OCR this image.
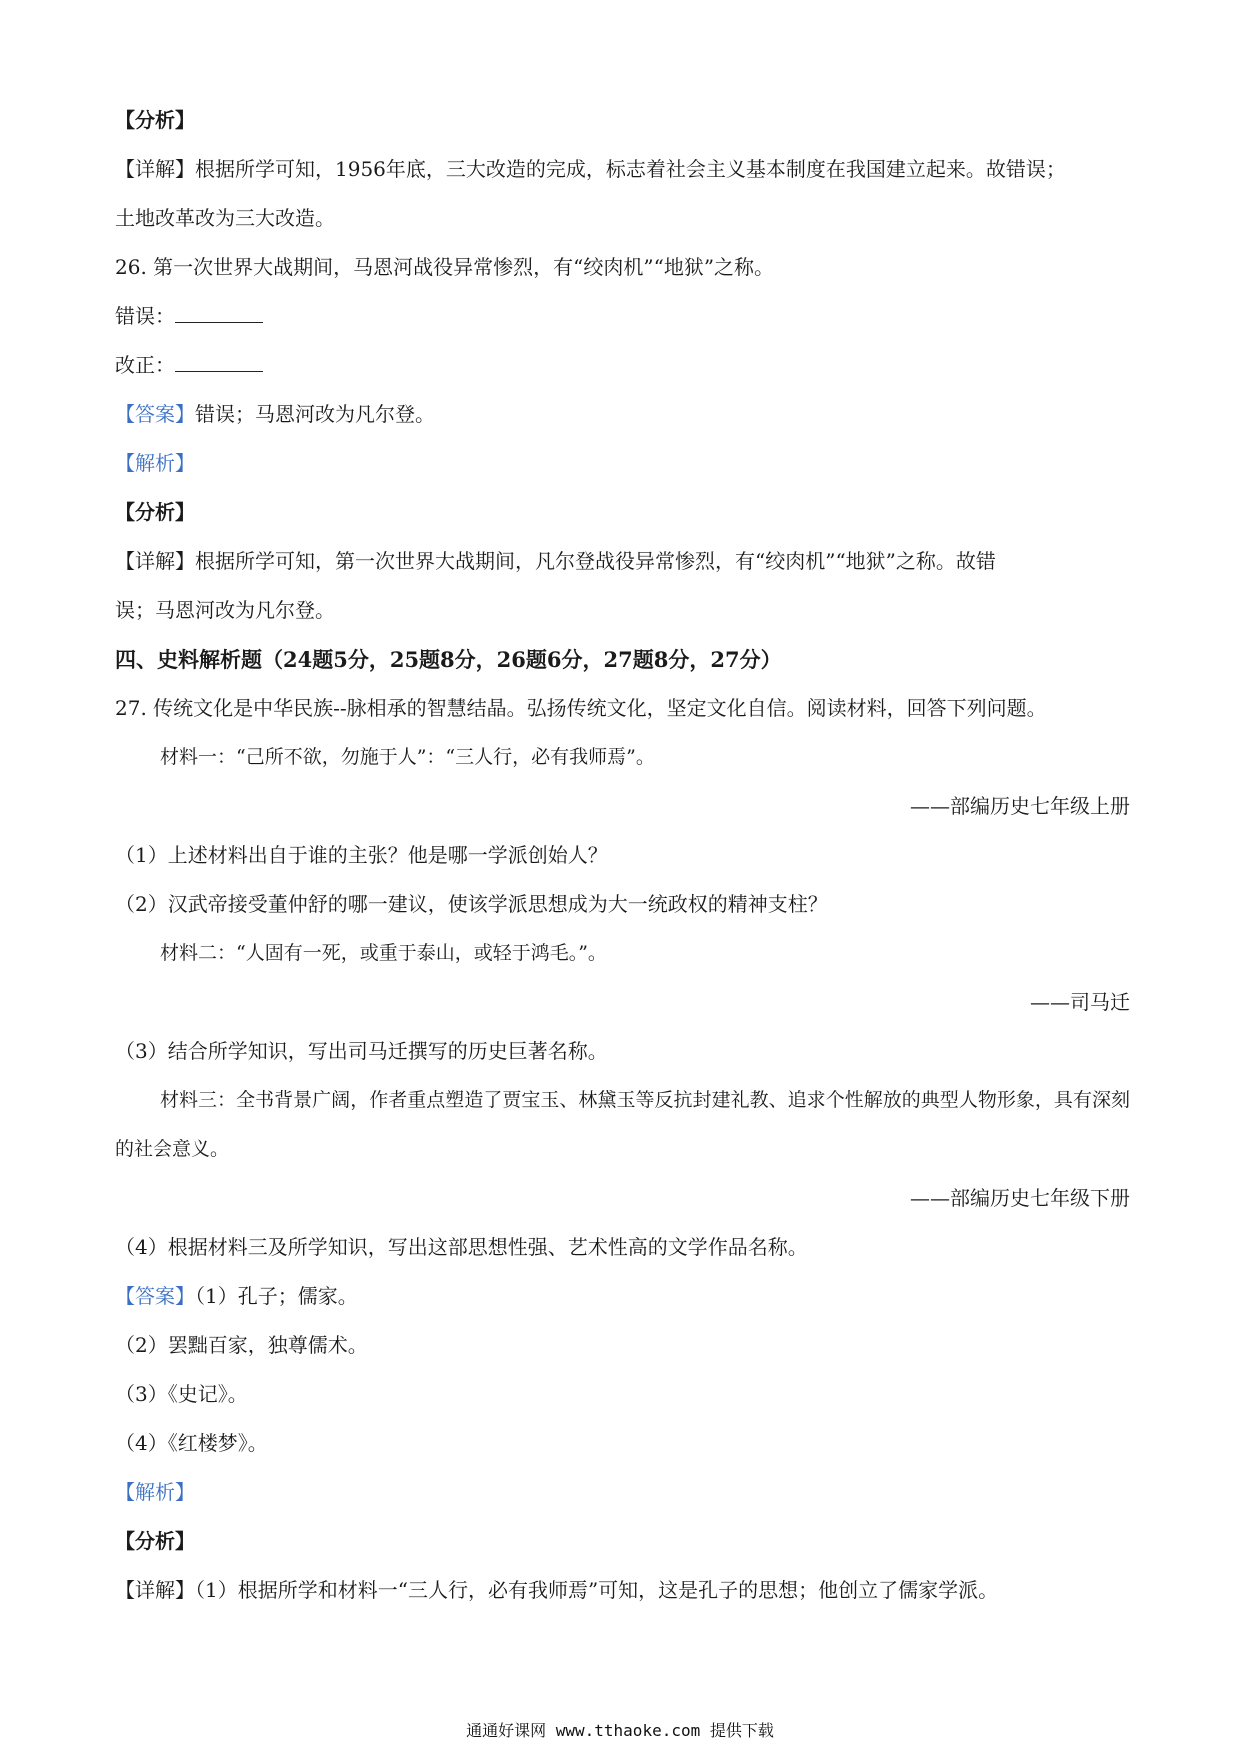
【分析】
【详解】根据所学可知，1956年底，三大改造的完成，标志着社会主义基本制度在我国建立起来。故错误；
土地改革改为三大改造。
26. 第一次世界大战期间，马恩河战役异常惨烈，有“绞肉机”“地狱”之称。
错误：
改正：
【答案】错误；马恩河改为凡尔登。
【解析】
【分析】
【详解】根据所学可知，第一次世界大战期间，凡尔登战役异常惨烈，有“绞肉机”“地狱”之称。故错
误；马恩河改为凡尔登。
四、史料解析题（24题5分，25题8分，26题6分，27题8分，27分）
27. 传统文化是中华民族--脉相承的智慧结晶。弘扬传统文化，坚定文化自信。阅读材料，回答下列问题。
材料一：“己所不欲，勿施于人”：“三人行，必有我师焉”。
——部编历史七年级上册
（1）上述材料出自于谁的主张？他是哪一学派创始人？
（2）汉武帝接受董仲舒的哪一建议，使该学派思想成为大一统政权的精神支柱？
材料二：“人固有一死，或重于泰山，或轻于鸿毛。”。
——司马迁
（3）结合所学知识，写出司马迁撰写的历史巨著名称。
材料三：全书背景广阔，作者重点塑造了贾宝玉、林黛玉等反抗封建礼教、追求个性解放的典型人物形象，具有深刻的社会意义。
——部编历史七年级下册
（4）根据材料三及所学知识，写出这部思想性强、艺术性高的文学作品名称。
【答案】（1）孔子；儒家。
（2）罢黜百家，独尊儒术。
（3）《史记》。
（4）《红楼梦》。
【解析】
【分析】
【详解】（1）根据所学和材料一“三人行，必有我师焉”可知，这是孔子的思想；他创立了儒家学派。
通通好课网 www.tthaoke.com 提供下载
